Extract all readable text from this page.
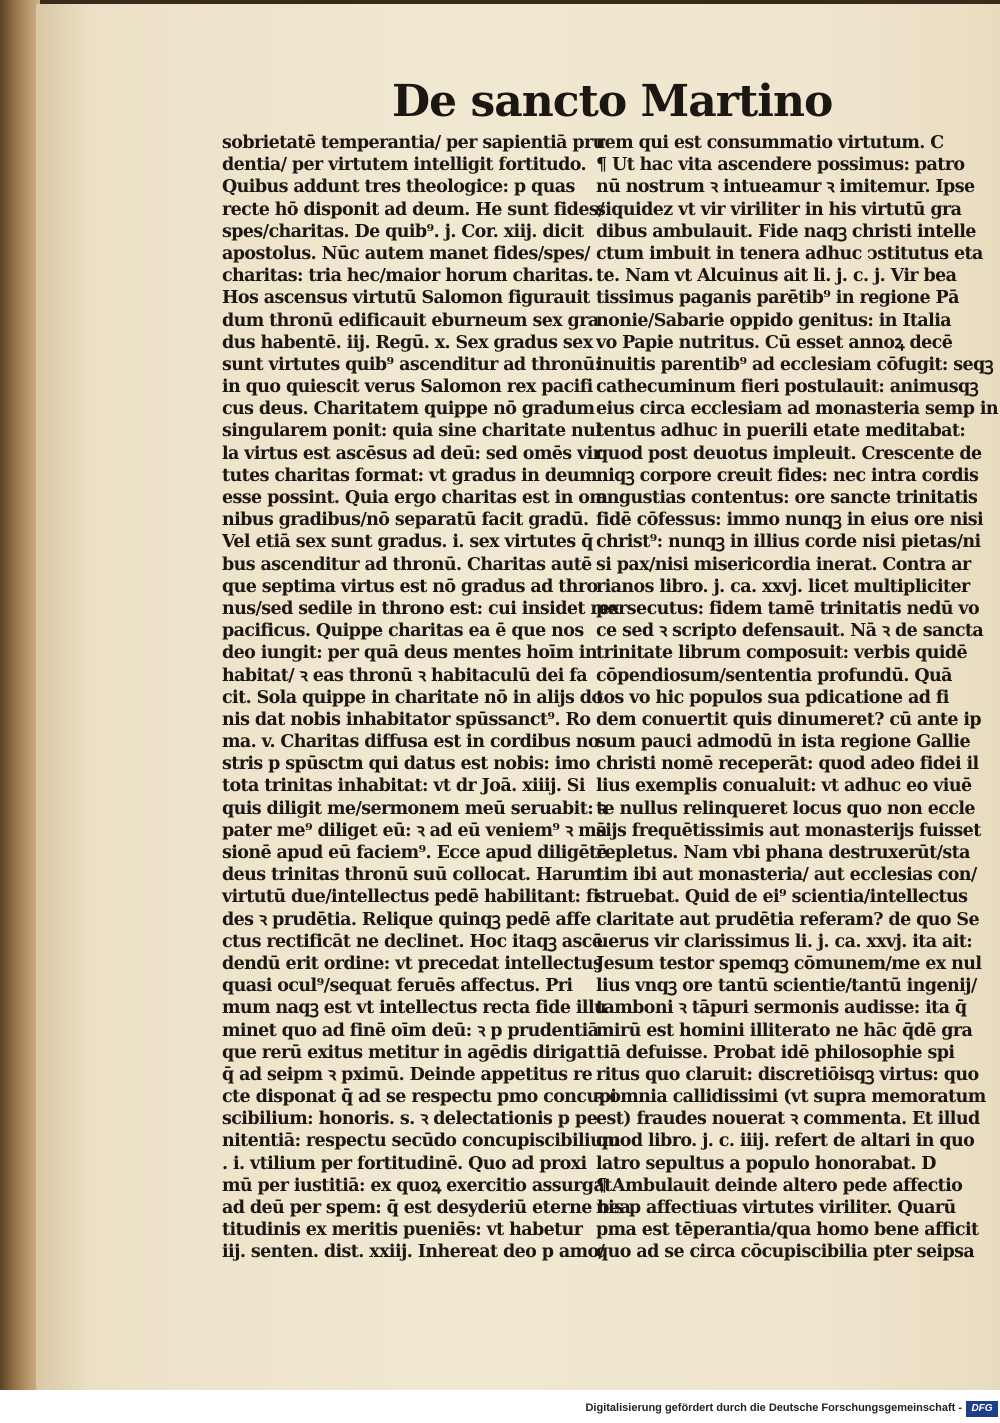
De sancto Martino
sobrietatē temperantia/ per sapientiā pru
dentia/ per virtutem intelligit fortitudo.
Quibus addunt tres theologice: p quas
recte hō disponit ad deum. He sunt fides/
spes/charitas. De quib⁹. j. Cor. xiij. dicit
apostolus. Nūc autem manet fides/spes/
charitas: tria hec/maior horum charitas.
Hos ascensus virtutū Salomon figurauit
dum thronū edificauit eburneum sex gra
dus habentē. iij. Regū. x. Sex gradus sex
sunt virtutes quib⁹ ascenditur ad thronū:
in quo quiescit verus Salomon rex pacifi
cus deus. Charitatem quippe nō gradum
singularem ponit: quia sine charitate nul
la virtus est ascēsus ad deū: sed omēs vir
tutes charitas format: vt gradus in deum
esse possint. Quia ergo charitas est in om
nibus gradibus/nō separatū facit gradū.
Vel etiā sex sunt gradus. i. sex virtutes q̄
bus ascenditur ad thronū. Charitas autē
que septima virtus est nō gradus ad thro
nus/sed sedile in throno est: cui insidet rex
pacificus. Quippe charitas ea ē que nos
deo iungit: per quā deus mentes hoīm in
habitat/ ꝛ eas thronū ꝛ habitaculū dei fa
cit. Sola quippe in charitate nō in alijs do
nis dat nobis inhabitator spūssanct⁹. Ro
ma. v. Charitas diffusa est in cordibus no
stris p spūsctm qui datus est nobis: imo
tota trinitas inhabitat: vt dr Joā. xiiij. Si
quis diligit me/sermonem meū seruabit: ꝛ
pater me⁹ diliget eū: ꝛ ad eū veniem⁹ ꝛ mā
sionē apud eū faciem⁹. Ecce apud diligētē
deus trinitas thronū suū collocat. Harum
virtutū due/intellectus pedē habilitant: fi
des ꝛ prudētia. Relique quinqꝫ pedē affe
ctus rectificāt ne declinet. Hoc itaqꝫ ascē
dendū erit ordine: vt precedat intellectus
quasi ocul⁹/sequat feruēs affectus. Pri
mum naqꝫ est vt intellectus recta fide illu
minet quo ad finē oīm deū: ꝛ p prudentiā
que rerū exitus metitur in agēdis dirigat
q̄ ad seipm ꝛ pximū. Deinde appetitus re
cte disponat q̄ ad se respectu pmo concupi
scibilium: honoris. s. ꝛ delectationis p pe
nitentiā: respectu secūdo concupiscibilium
. i. vtilium per fortitudinē. Quo ad proxi
mū per iustitiā: ex quoꝝ exercitio assurgat
ad deū per spem: q̄ est desyderiū eterne bea
titudinis ex meritis pueniēs: vt habetur
iij. senten. dist. xxiij. Inhereat deo p amo/
rem qui est consummatio virtutum. C
¶ Ut hac vita ascendere possimus: patro
nū nostrum ꝛ intueamur ꝛ imitemur. Ipse
siquidez vt vir viriliter in his virtutū gra
dibus ambulauit. Fide naqꝫ christi intelle
ctum imbuit in tenera adhuc ↄstitutus eta
te. Nam vt Alcuinus ait li. j. c. j. Vir bea
tissimus paganis parētib⁹ in regione Pā
nonie/Sabarie oppido genitus: in Italia
vo Papie nutritus. Cū esset annoꝝ decē
inuitis parentib⁹ ad ecclesiam cōfugit: seqꝫ
cathecuminum fieri postulauit: animusqꝫ
eius circa ecclesiam ad monasteria semp in
tentus adhuc in puerili etate meditabat:
quod post deuotus impleuit. Crescente de
niqꝫ corpore creuit fides: nec intra cordis
angustias contentus: ore sancte trinitatis
fidē cōfessus: immo nunqꝫ in eius ore nisi
christ⁹: nunqꝫ in illius corde nisi pietas/ni
si pax/nisi misericordia inerat. Contra ar
rianos libro. j. ca. xxvj. licet multipliciter
persecutus: fidem tamē trinitatis nedū vo
ce sed ꝛ scripto defensauit. Nā ꝛ de sancta
trinitate librum composuit: verbis quidē
cōpendiosum/sententia profundū. Quā
tos vo hic populos sua pdicatione ad fi
dem conuertit quis dinumeret? cū ante ip
sum pauci admodū in ista regione Gallie
christi nomē recepe​rāt: quod adeo fidei il
lius exemplis conualuit: vt adhuc eo viuē
te nullus relinqueret locus quo non eccle
sijs frequētissimis aut monasterijs fuisset
repletus. Nam vbi phana destruxerūt/sta
tim ibi aut monasteria/ aut ecclesias con/
struebat. Quid de ei⁹ scientia/intellectus
claritate aut prudētia referam? de quo Se
uerus vir clarissimus li. j. ca. xxvj. ita ait:
Jesum testor spemqꝫ cōmunem/me ex nul
lius vnqꝫ ore tantū scientie/tantū ingenij/
tamboni ꝛ tāpuri sermonis audisse: ita q̄
mirū est homini illiterato ne hāc q̄dē gra
tiā defuisse. Probat idē philosophie spi
ritus quo claruit: discretiōisqꝫ virtus: quo
ꝛ omnia callidissimi (vt supra memoratum
est) fraudes nouerat ꝛ commenta. Et illud
quod libro. j. c. iiij. refert de altari in quo
latro sepultus a populo honorabat. D
¶ Ambulauit deinde altero pede affectio
nis p affectiuas virtutes viriliter. Quarū
pma est tēperantia/qua homo bene afficit
quo ad se circa cōcupiscibilia pter seipsa
Digitalisierung gefördert durch die Deutsche Forschungsgemeinschaft - DFG
